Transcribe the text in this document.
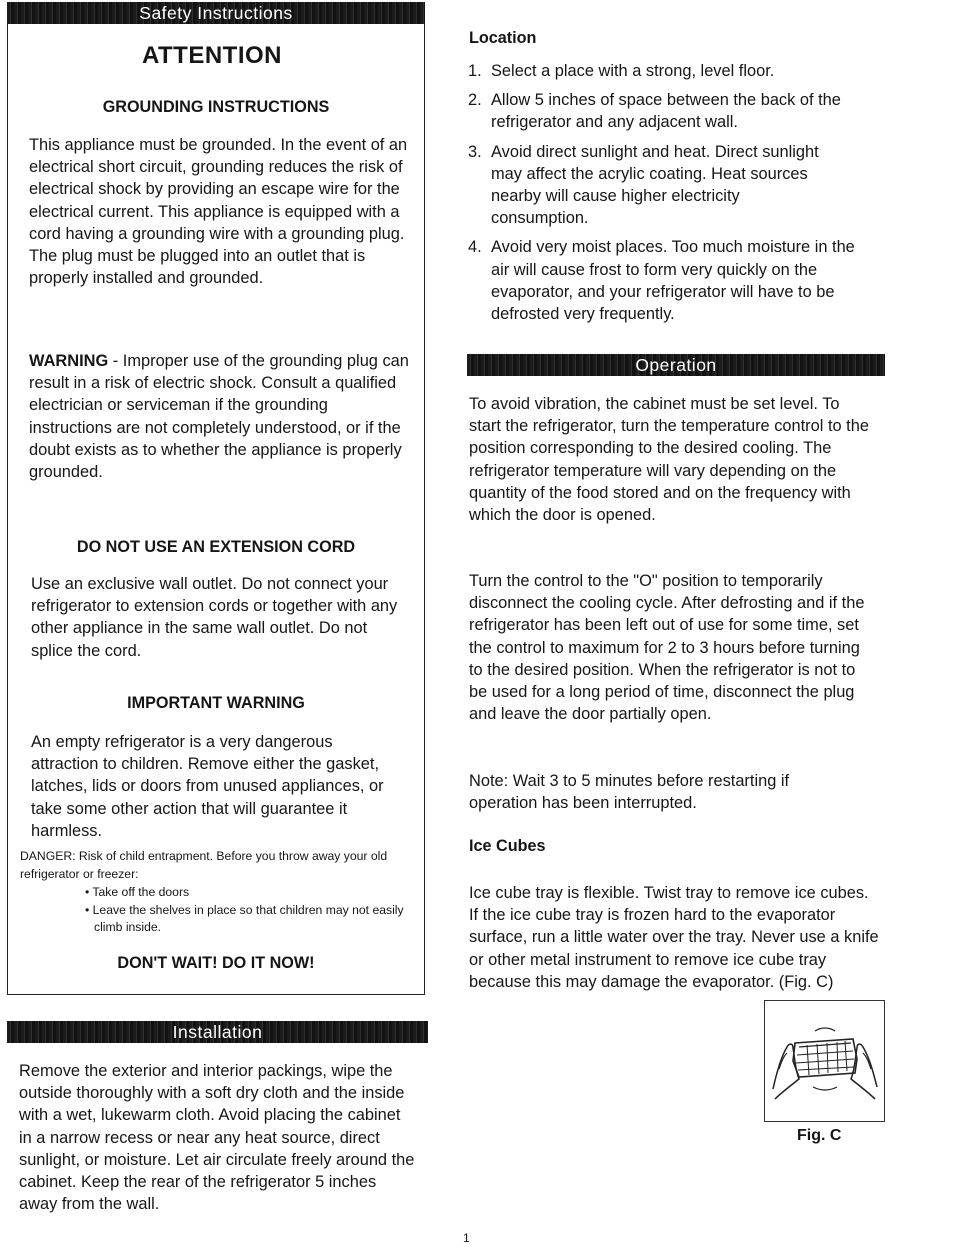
Safety Instructions
ATTENTION

GROUNDING INSTRUCTIONS

This appliance must be grounded. In the event of an electrical short circuit, grounding reduces the risk of electrical shock by providing an escape wire for the electrical current. This appliance is equipped with a cord having a grounding wire with a grounding plug. The plug must be plugged into an outlet that is properly installed and grounded.

WARNING - Improper use of the grounding plug can result in a risk of electric shock. Consult a qualified electrician or serviceman if the grounding instructions are not completely understood, or if the doubt exists as to whether the appliance is properly grounded.

DO NOT USE AN EXTENSION CORD

Use an exclusive wall outlet. Do not connect your refrigerator to extension cords or together with any other appliance in the same wall outlet. Do not splice the cord.

IMPORTANT WARNING

An empty refrigerator is a very dangerous attraction to children. Remove either the gasket, latches, lids or doors from unused appliances, or take some other action that will guarantee it harmless.

DANGER: Risk of child entrapment. Before you throw away your old refrigerator or freezer:

• Take off the doors

• Leave the shelves in place so that children may not easily climb inside.

DON'T WAIT! DO IT NOW!

Installation

Remove the exterior and interior packings, wipe the outside thoroughly with a soft dry cloth and the inside with a wet, lukewarm cloth. Avoid placing the cabinet in a narrow recess or near any heat source, direct sunlight, or moisture. Let air circulate freely around the cabinet. Keep the rear of the refrigerator 5 inches away from the wall.

Location

1. Select a place with a strong, level floor.
2. Allow 5 inches of space between the back of the refrigerator and any adjacent wall.
3. Avoid direct sunlight and heat. Direct sunlight may affect the acrylic coating. Heat sources nearby will cause higher electricity consumption.
4. Avoid very moist places. Too much moisture in the air will cause frost to form very quickly on the evaporator, and your refrigerator will have to be defrosted very frequently.
Operation

To avoid vibration, the cabinet must be set level. To start the refrigerator, turn the temperature control to the position corresponding to the desired cooling. The refrigerator temperature will vary depending on the quantity of the food stored and on the frequency with which the door is opened.

Turn the control to the "O" position to temporarily disconnect the cooling cycle. After defrosting and if the refrigerator has been left out of use for some time, set the control to maximum for 2 to 3 hours before turning to the desired position. When the refrigerator is not to be used for a long period of time, disconnect the plug and leave the door partially open.

Note: Wait 3 to 5 minutes before restarting if operation has been interrupted.

Ice Cubes

Ice cube tray is flexible. Twist tray to remove ice cubes. If the ice cube tray is frozen hard to the evaporator surface, run a little water over the tray. Never use a knife or other metal instrument to remove ice cube tray because this may damage the evaporator. (Fig. C)

Fig. C

1
